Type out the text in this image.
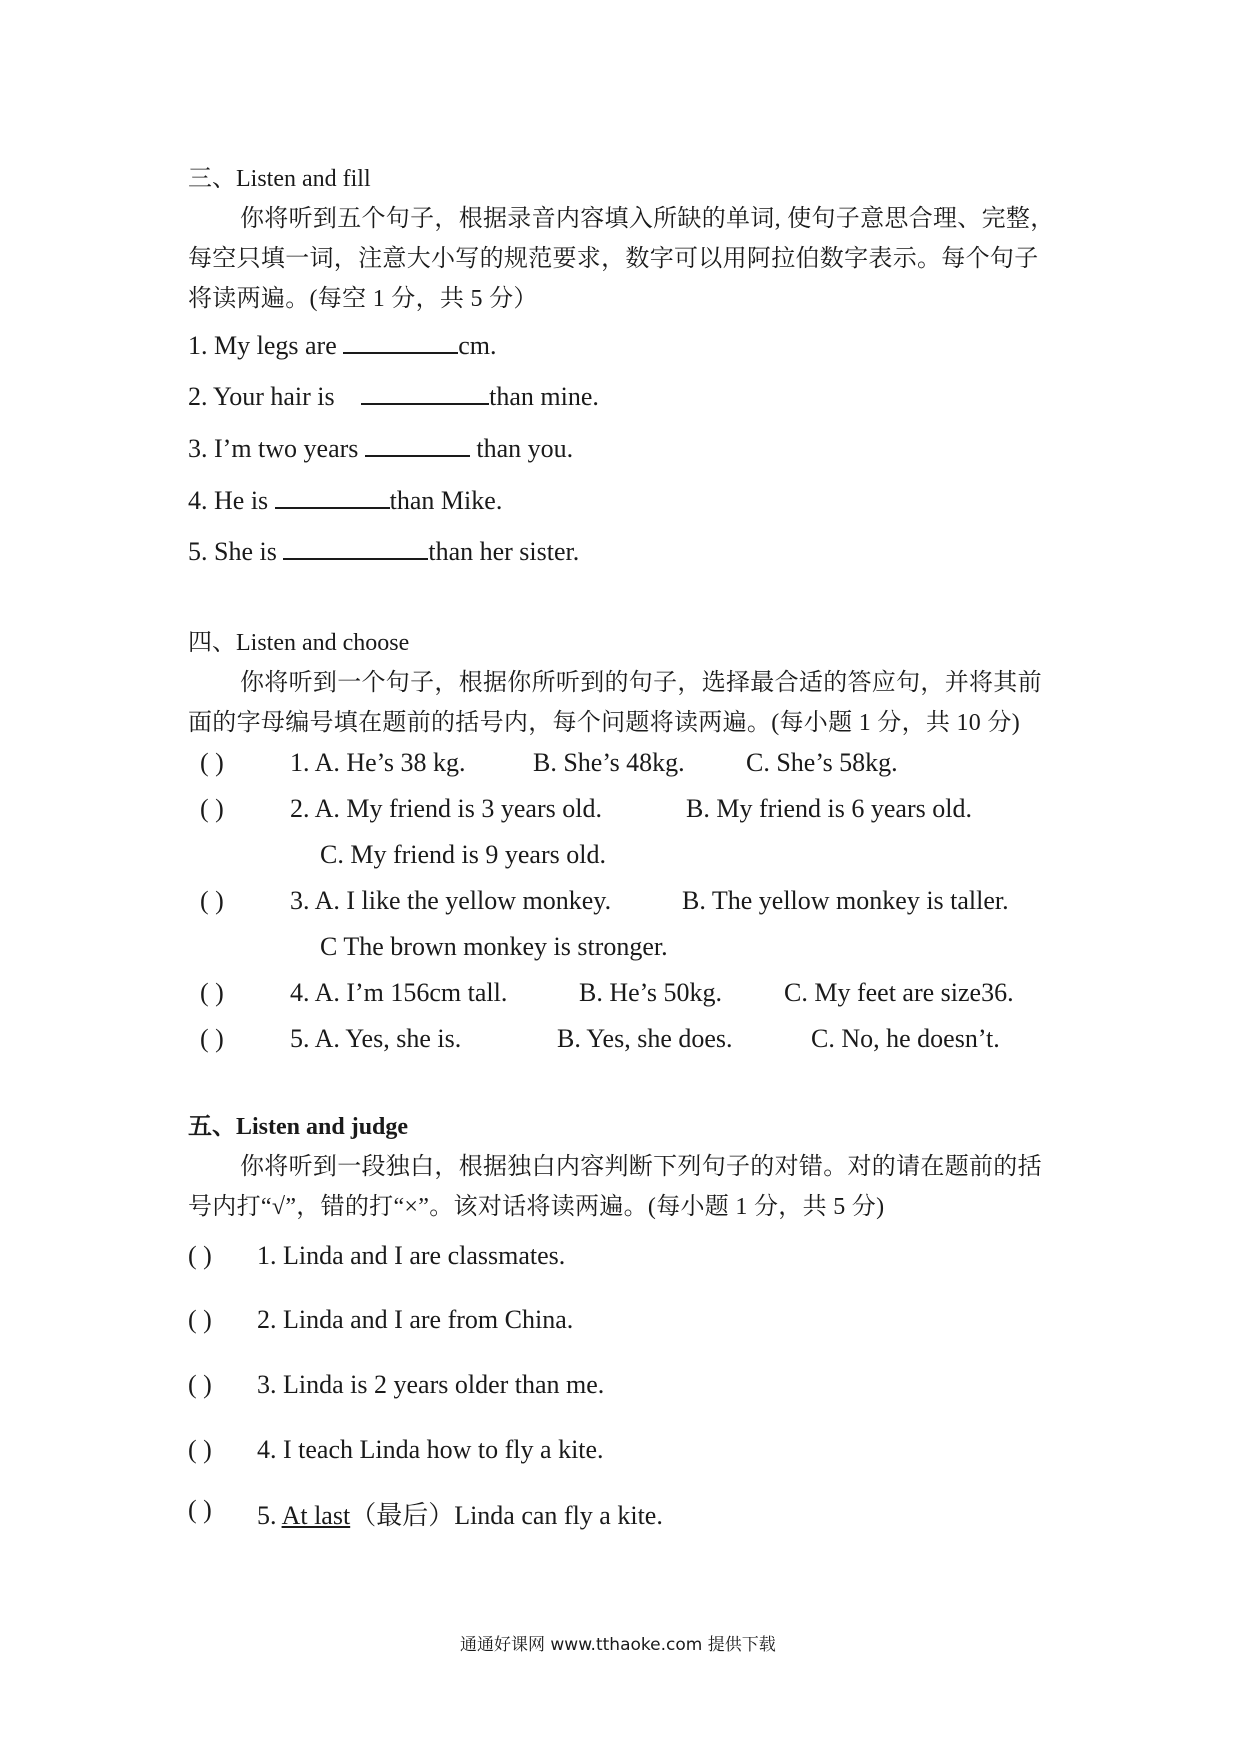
三、Listen and fill
你将听到五个句子，根据录音内容填入所缺的单词, 使句子意思合理、完整，
每空只填一词，注意大小写的规范要求，数字可以用阿拉伯数字表示。每个句子
将读两遍。(每空 1 分，共 5 分）
1. My legs are	cm.
2. Your hair is	than mine.
3. I’m two years	than you.
4. He is	than Mike.
5. She is	than her sister.
四、Listen and choose
你将听到一个句子，根据你所听到的句子，选择最合适的答应句，并将其前
面的字母编号填在题前的括号内，每个问题将读两遍。(每小题 1 分，共 10 分)
( )	1. A. He’s 38 kg.	B. She’s 48kg. C. She’s 58kg.
( )	2. A. My friend is 3 years old.	B. My friend is 6 years old.
C. My friend is 9 years old.
( )	3. A. I like the yellow monkey.	B. The yellow monkey is taller.
C The brown monkey is stronger.
( )	4. A. I’m 156cm tall.	B. He’s 50kg. C. My feet are size36.
( )	5. A. Yes, she is.	B. Yes, she does.	C. No, he doesn’t.
五、Listen and judge
你将听到一段独白，根据独白内容判断下列句子的对错。对的请在题前的括
号内打“√”，错的打“×”。该对话将读两遍。(每小题 1 分，共 5 分)
( ) 1. Linda and I are classmates.
( ) 2. Linda and I are from China.
( ) 3. Linda is 2 years older than me.
( ) 4. I teach Linda how to fly a kite.
( ) 5. At last（最后）Linda can fly a kite.
通通好课网 www.tthaoke.com 提供下载
